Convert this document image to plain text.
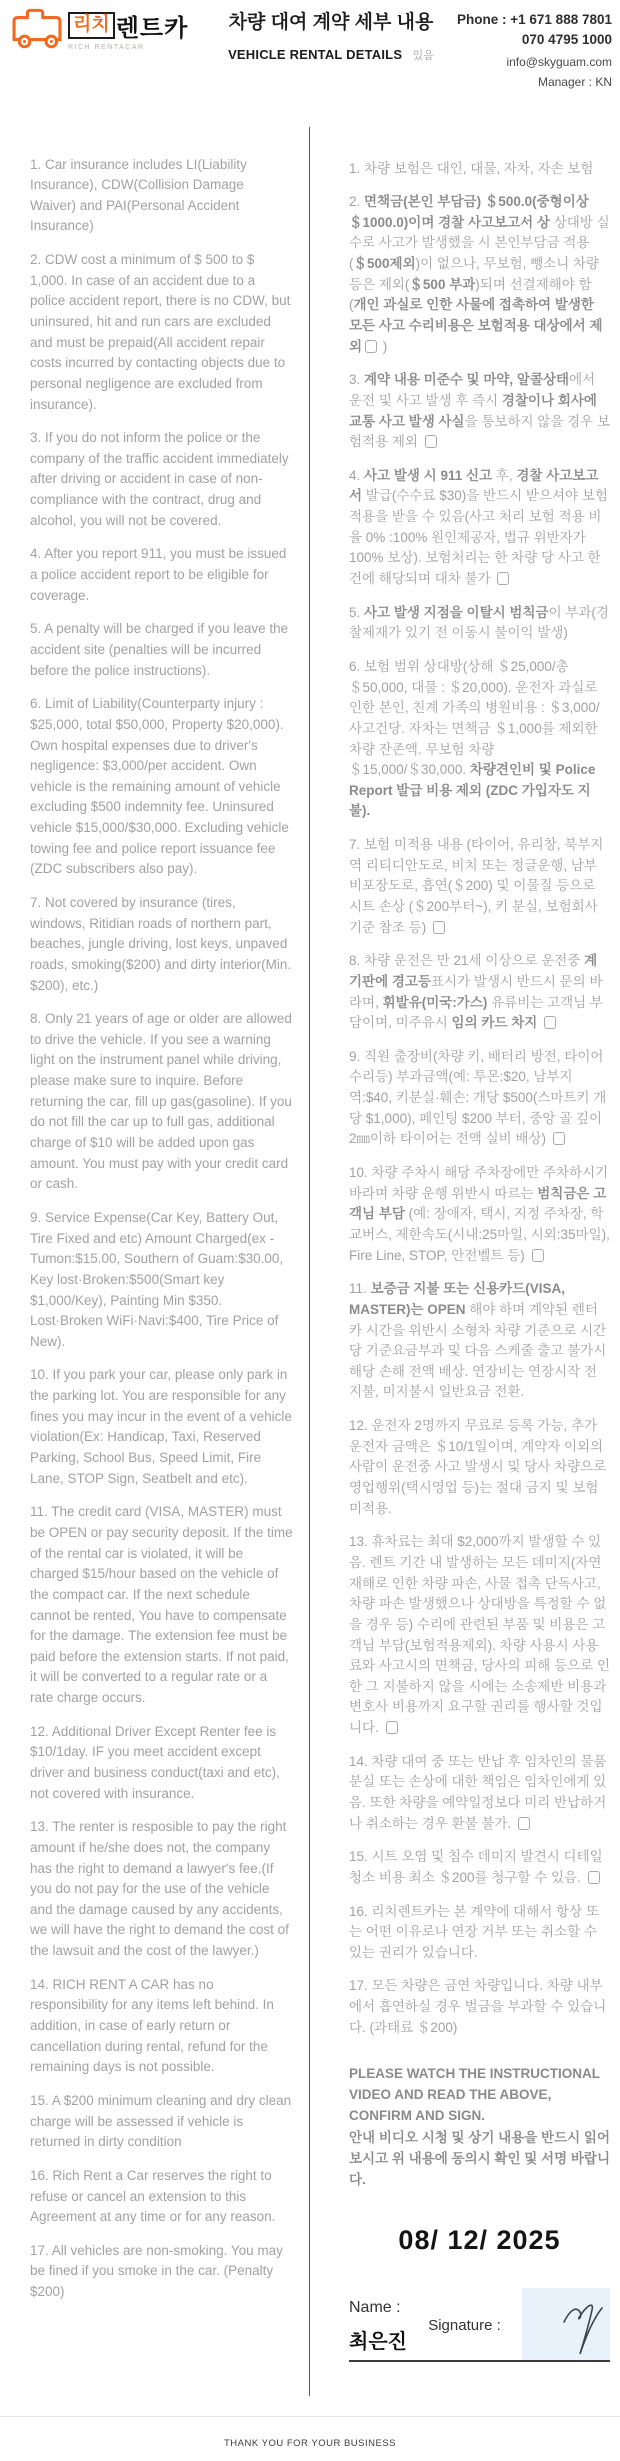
리치 렌트카
RICH RENTACAR
차량 대여 계약 세부 내용
VEHICLE RENTAL DETAILS 있음
Phone : +1 671 888 7801
070 4795 1000
info@skyguam.com
Manager : KN

1. Car insurance includes LI(Liability Insurance), CDW(Collision Damage Waiver) and PAI(Personal Accident Insurance)

2. CDW cost a minimum of $ 500 to $ 1,000. In case of an accident due to a police accident report, there is no CDW, but uninsured, hit and run cars are excluded and must be prepaid(All accident repair costs incurred by contacting objects due to personal negligence are excluded from insurance).

3. If you do not inform the police or the company of the traffic accident immediately after driving or accident in case of non-compliance with the contract, drug and alcohol, you will not be covered.

4. After you report 911, you must be issued a police accident report to be eligible for coverage.

5. A penalty will be charged if you leave the accident site (penalties will be incurred before the police instructions).

6. Limit of Liability(Counterparty injury : $25,000, total $50,000, Property $20,000). Own hospital expenses due to driver's negligence: $3,000/per accident. Own vehicle is the remaining amount of vehicle excluding $500 indemnity fee. Uninsured vehicle $15,000/$30,000. Excluding vehicle towing fee and police report issuance fee (ZDC subscribers also pay).

7. Not covered by insurance (tires, windows, Ritidian roads of northern part, beaches, jungle driving, lost keys, unpaved roads, smoking($200) and dirty interior(Min. $200), etc.)

8. Only 21 years of age or older are allowed to drive the vehicle. If you see a warning light on the instrument panel while driving, please make sure to inquire. Before returning the car, fill up gas(gasoline). If you do not fill the car up to full gas, additional charge of $10 will be added upon gas amount. You must pay with your credit card or cash.

9. Service Expense(Car Key, Battery Out, Tire Fixed and etc) Amount Charged(ex - Tumon:$15.00, Southern of Guam:$30.00, Key lost·Broken:$500(Smart key $1,000/Key), Painting Min $350. Lost·Broken WiFi·Navi:$400, Tire Price of New).

10. If you park your car, please only park in the parking lot. You are responsible for any fines you may incur in the event of a vehicle violation(Ex: Handicap, Taxi, Reserved Parking, School Bus, Speed Limit, Fire Lane, STOP Sign, Seatbelt and etc).

11. The credit card (VISA, MASTER) must be OPEN or pay security deposit. If the time of the rental car is violated, it will be charged $15/hour based on the vehicle of the compact car. If the next schedule cannot be rented, You have to compensate for the damage. The extension fee must be paid before the extension starts. If not paid, it will be converted to a regular rate or a rate charge occurs.

12. Additional Driver Except Renter fee is $10/1day. IF you meet accident except driver and business conduct(taxi and etc), not covered with insurance.

13. The renter is resposible to pay the right amount if he/she does not, the company has the right to demand a lawyer's fee.(If you do not pay for the use of the vehicle and the damage caused by any accidents, we will have the right to demand the cost of the lawsuit and the cost of the lawyer.)

14. RICH RENT A CAR has no responsibility for any items left behind. In addition, in case of early return or cancellation during rental, refund for the remaining days is not possible.

15. A $200 minimum cleaning and dry clean charge will be assessed if vehicle is returned in dirty condition

16. Rich Rent a Car reserves the right to refuse or cancel an extension to this Agreement at any time or for any reason.

17. All vehicles are non-smoking. You may be fined if you smoke in the car. (Penalty $200)

1. 차량 보험은 대인, 대물, 자차, 자손 보험

2. 면책금(본인 부담금) ＄500.0(중형이상 ＄1000.0)이며 경찰 사고보고서 상 상대방 실수로 사고가 발생했을 시 본인부담금 적용 (＄500제외)이 없으나, 무보험, 뺑소니 차량 등은 제외(＄500 부과)되며 선결제해야 함 (개인 과실로 인한 사물에 접촉하여 발생한 모든 사고 수리비용은 보험적용 대상에서 제외 )

3. 계약 내용 미준수 및 마약, 알콜상태에서 운전 및 사고 발생 후 즉시 경찰이나 회사에 교통 사고 발생 사실을 통보하지 않을 경우 보험적용 제외

4. 사고 발생 시 911 신고 후, 경찰 사고보고서 발급(수수료 $30)을 반드시 받으셔야 보험 적용을 받을 수 있음(사고 처리 보험 적용 비율 0% :100% 원인제공자, 법규 위반자가 100% 보상). 보험처리는 한 차량 당 사고 한 건에 해당되며 대차 불가

5. 사고 발생 지점을 이탈시 범칙금이 부과(경찰제재가 있기 전 이동시 불이익 발생)

6. 보험 범위 상대방(상해 ＄25,000/총 ＄50,000, 대물 : ＄20,000). 운전자 과실로 인한 본인, 친계 가족의 병원비용 : ＄3,000/사고건당. 자차는 면책금 ＄1,000를 제외한 차량 잔존액. 무보험 차량 ＄15,000/＄30,000. 차량견인비 및 Police Report 발급 비용 제외 (ZDC 가입자도 지불).

7. 보험 미적용 내용 (타이어, 유리창, 북부지역 리티디안도로, 비치 또는 정글운행, 남부 비포장도로, 흡연(＄200) 및 이물질 등으로 시트 손상 (＄200부터~), 키 분실, 보험회사 기준 참조 등)

8. 차량 운전은 만 21세 이상으로 운전중 계기판에 경고등표시가 발생시 반드시 문의 바라며, 휘발유(미국:가스) 유류비는 고객님 부담이며, 미주유시 임의 카드 차지

9. 직원 출장비(차량 키, 배터리 방전, 타이어 수리등) 부과금액(예: 투몬:$20, 남부지역:$40, 키분실·훼손: 개당 $500(스마트키 개당 $1,000), 페인팅 $200 부터, 중앙 골 깊이 2㎜이하 타이어는 전액 실비 배상)

10. 차량 주차시 해당 주차장에만 주차하시기 바라며 차량 운행 위반시 따르는 범칙금은 고객님 부담 (예: 장애자, 택시, 지정 주차장, 학교버스, 제한속도(시내:25마일, 시외:35마일), Fire Line, STOP, 안전벨트 등)

11. 보증금 지불 또는 신용카드(VISA, MASTER)는 OPEN 해야 하며 계약된 렌터카 시간을 위반시 소형차 차량 기준으로 시간당 기준요금부과 및 다음 스케줄 출고 불가시 해당 손해 전액 배상. 연장비는 연장시작 전 지불, 미지불시 일반요금 전환.

12. 운전자 2명까지 무료로 등록 가능, 추가 운전자 금액은 ＄10/1일이며, 계약자 이외의 사람이 운전중 사고 발생시 및 당사 차량으로 영업행위(택시영업 등)는 절대 금지 및 보험 미적용.

13. 휴차료는 최대 $2,000까지 발생할 수 있음. 렌트 기간 내 발생하는 모든 데미지(자연재해로 인한 차량 파손, 사물 접촉 단독사고, 차량 파손 발생했으나 상대방을 특정할 수 없을 경우 등) 수리에 관련된 부품 및 비용은 고객님 부담(보험적용제외). 차량 사용시 사용료와 사고시의 면책금, 당사의 피해 등으로 인한 그 지불하지 않을 시에는 소송제반 비용과 변호사 비용까지 요구할 권리를 행사할 것입니다.

14. 차량 대여 중 또는 반납 후 임차인의 물품 분실 또는 손상에 대한 책임은 임차인에게 있음. 또한 차량을 예약일정보다 미리 반납하거나 취소하는 경우 환불 불가.

15. 시트 오염 및 침수 데미지 발견시 디테일 청소 비용 최소 ＄200를 청구할 수 있음.

16. 리치렌트카는 본 계약에 대해서 항상 또는 어떤 이유로나 연장 거부 또는 취소할 수 있는 권리가 있습니다.

17. 모든 차량은 금연 차량입니다. 차량 내부에서 흡연하실 경우 벌금을 부과할 수 있습니다. (과태료 ＄200)

PLEASE WATCH THE INSTRUCTIONAL VIDEO AND READ THE ABOVE, CONFIRM AND SIGN.
안내 비디오 시청 및 상기 내용을 반드시 읽어보시고 위 내용에 동의시 확인 및 서명 바랍니다.

08/ 12/ 2025
Name :
최은진
Signature :
THANK YOU FOR YOUR BUSINESS
